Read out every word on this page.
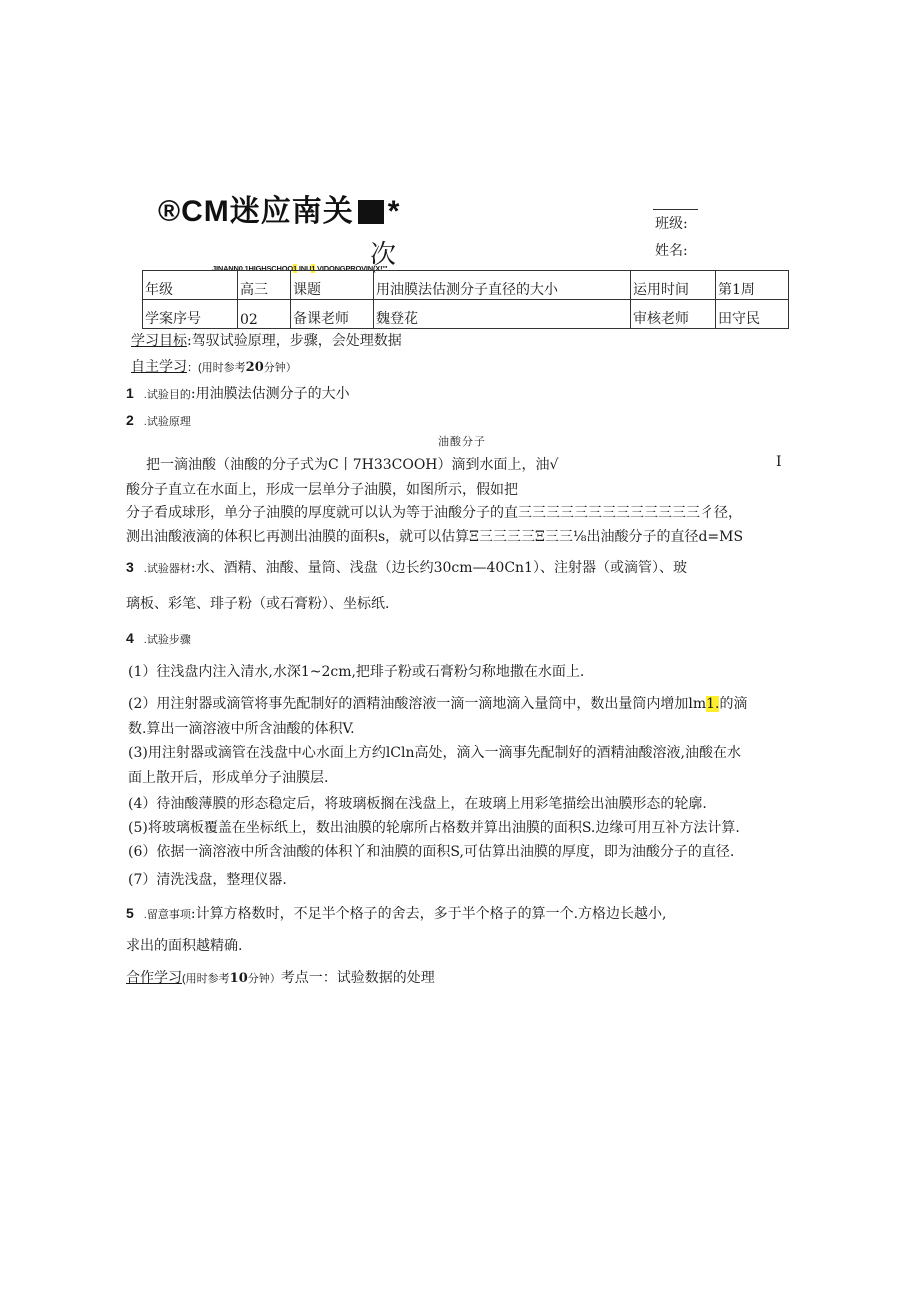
®CM迷应南关 *
次
JINANN0.1HIGHSCHOO1.INU1.VIDONGPROVIN(X!'"
班级:
姓名:
年级	高三	课题	用油膜法估测分子直径的大小	运用时间	第1周
学案序号	02	备课老师	魏登花	审核老师	田守民
学习目标:驾驭试验原理，步骤，会处理数据
自主学习：(用时参考20分钟）
1 .试验目的:用油膜法估测分子的大小
2 .试验原理
油酸分子
把一滴油酸（油酸的分子式为C丨7H33COOH）滴到水面上，油√	I
酸分子直立在水面上，形成一层单分子油膜，如图所示，假如把
分子看成球形，单分子油膜的厚度就可以认为等于油酸分子的直三三三三三三三三三三三三三彳径，
测出油酸液滴的体积匕再测出油膜的面积s，就可以估算Ξ三三三三Ξ三三⅛出油酸分子的直径d=MS
3 .试验器材:水、酒精、油酸、量筒、浅盘（边长约30cm—40Cn1）、注射器（或滴管）、玻
璃板、彩笔、琲子粉（或石膏粉）、坐标纸.
4 .试验步骤
(1）往浅盘内注入清水,水深1~2cm,把琲子粉或石膏粉匀称地撒在水面上.
(2）用注射器或滴管将事先配制好的酒精油酸溶液一滴一滴地滴入量筒中，数出量筒内增加lm1.的滴
数.算出一滴溶液中所含油酸的体积V.
(3)用注射器或滴管在浅盘中心水面上方约lCln高处，滴入一滴事先配制好的酒精油酸溶液,油酸在水
面上散开后，形成单分子油膜层.
(4）待油酸薄膜的形态稳定后，将玻璃板搁在浅盘上，在玻璃上用彩笔描绘出油膜形态的轮廓.
(5)将玻璃板覆盖在坐标纸上，数出油膜的轮廓所占格数并算出油膜的面积S.边缘可用互补方法计算.
(6）依据一滴溶液中所含油酸的体积丫和油膜的面积S,可估算出油膜的厚度，即为油酸分子的直径.
(7）清洗浅盘，整理仪器.
5 .留意事项:计算方格数时，不足半个格子的舍去，多于半个格子的算一个.方格边长越小,
求出的面积越精确.
合作学习(用时参考10分钟）考点一：试验数据的处理
